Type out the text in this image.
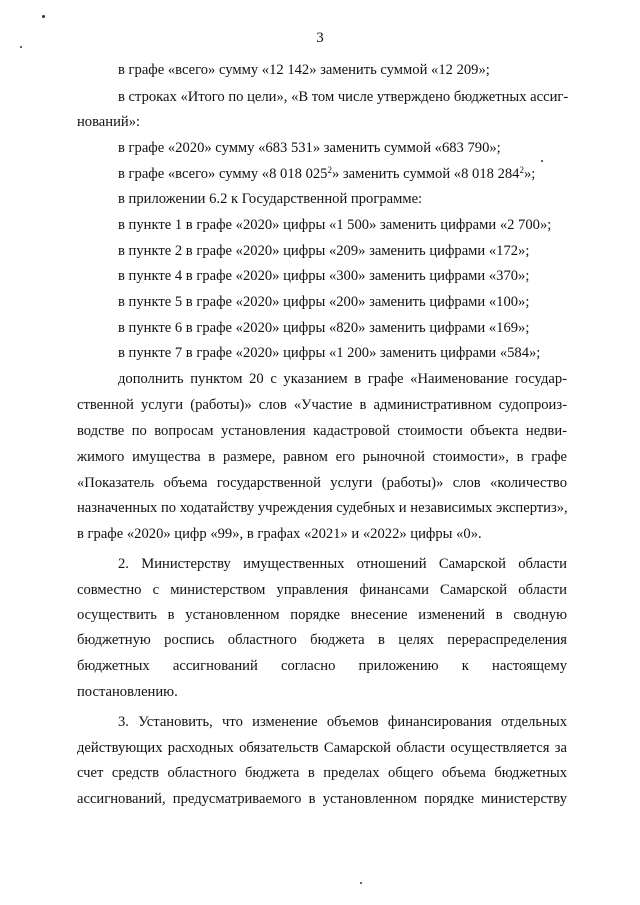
3
в графе «всего» сумму «12 142» заменить суммой «12 209»;
в строках «Итого по цели», «В том числе утверждено бюджетных ассиг-
нований»:
в графе «2020» сумму «683 531» заменить суммой «683 790»;
в графе «всего» сумму «8 018 $025^2$» заменить суммой «8 018 $284^2$»;
в приложении 6.2 к Государственной программе:
в пункте 1 в графе «2020» цифры «1 500» заменить цифрами «2 700»;
в пункте 2 в графе «2020» цифры «209» заменить цифрами «172»;
в пункте 4 в графе «2020» цифры «300» заменить цифрами «370»;
в пункте 5 в графе «2020» цифры «200» заменить цифрами «100»;
в пункте 6 в графе «2020» цифры «820» заменить цифрами «169»;
в пункте 7 в графе «2020» цифры «1 200» заменить цифрами «584»;
дополнить пунктом 20 с указанием в графе «Наименование государ-
ственной услуги (работы)» слов «Участие в административном судопроиз-
водстве по вопросам установления кадастровой стоимости объекта недви-
жимого имущества в размере, равном его рыночной стоимости», в графе
«Показатель объема государственной услуги (работы)» слов «количество
назначенных по ходатайству учреждения судебных и независимых экспертиз»,
в графе «2020» цифр «99», в графах «2021» и «2022» цифры «0».
2. Министерству имущественных отношений Самарской области
совместно с министерством управления финансами Самарской области
осуществить в установленном порядке внесение изменений в сводную
бюджетную роспись областного бюджета в целях перераспределения
бюджетных ассигнований согласно приложению к настоящему
постановлению.
3. Установить, что изменение объемов финансирования отдельных
действующих расходных обязательств Самарской области осуществляется за
счет средств областного бюджета в пределах общего объема бюджетных
ассигнований, предусматриваемого в установленном порядке министерству
